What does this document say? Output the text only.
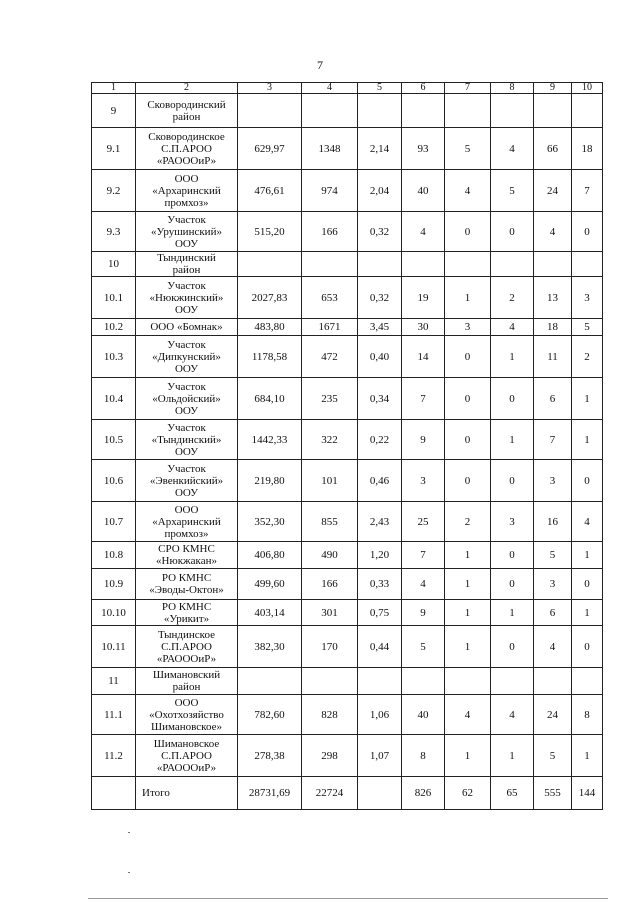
7
1	2	3	4	5	6	7	8	9	10
9	Сковородинский
район								
9.1	Сковородинское
С.П.АРОО
«РАОООиР»	629,97	1348	2,14	93	5	4	66	18
9.2	ООО
«Архаринский
промхоз»	476,61	974	2,04	40	4	5	24	7
9.3	Участок
«Урушинский»
ООУ	515,20	166	0,32	4	0	0	4	0
10	Тындинский
район								
10.1	Участок
«Нюкжинский»
ООУ	2027,83	653	0,32	19	1	2	13	3
10.2	ООО «Бомнак»	483,80	1671	3,45	30	3	4	18	5
10.3	Участок
«Дипкунский»
ООУ	1178,58	472	0,40	14	0	1	11	2
10.4	Участок
«Ольдойский»
ООУ	684,10	235	0,34	7	0	0	6	1
10.5	Участок
«Тындинский»
ООУ	1442,33	322	0,22	9	0	1	7	1
10.6	Участок
«Эвенкийский»
ООУ	219,80	101	0,46	3	0	0	3	0
10.7	ООО
«Архаринский
промхоз»	352,30	855	2,43	25	2	3	16	4
10.8	СРО КМНС
«Нюкжакан»	406,80	490	1,20	7	1	0	5	1
10.9	РО КМНС
«Эводы-Октон»	499,60	166	0,33	4	1	0	3	0
10.10	РО КМНС
«Урикит»	403,14	301	0,75	9	1	1	6	1
10.11	Тындинское
С.П.АРОО
«РАОООиР»	382,30	170	0,44	5	1	0	4	0
11	Шимановский
район								
11.1	ООО
«Охотхозяйство
Шимановское»	782,60	828	1,06	40	4	4	24	8
11.2	Шимановское
С.П.АРОО
«РАОООиР»	278,38	298	1,07	8	1	1	5	1
	Итого	28731,69	22724		826	62	65	555	144
